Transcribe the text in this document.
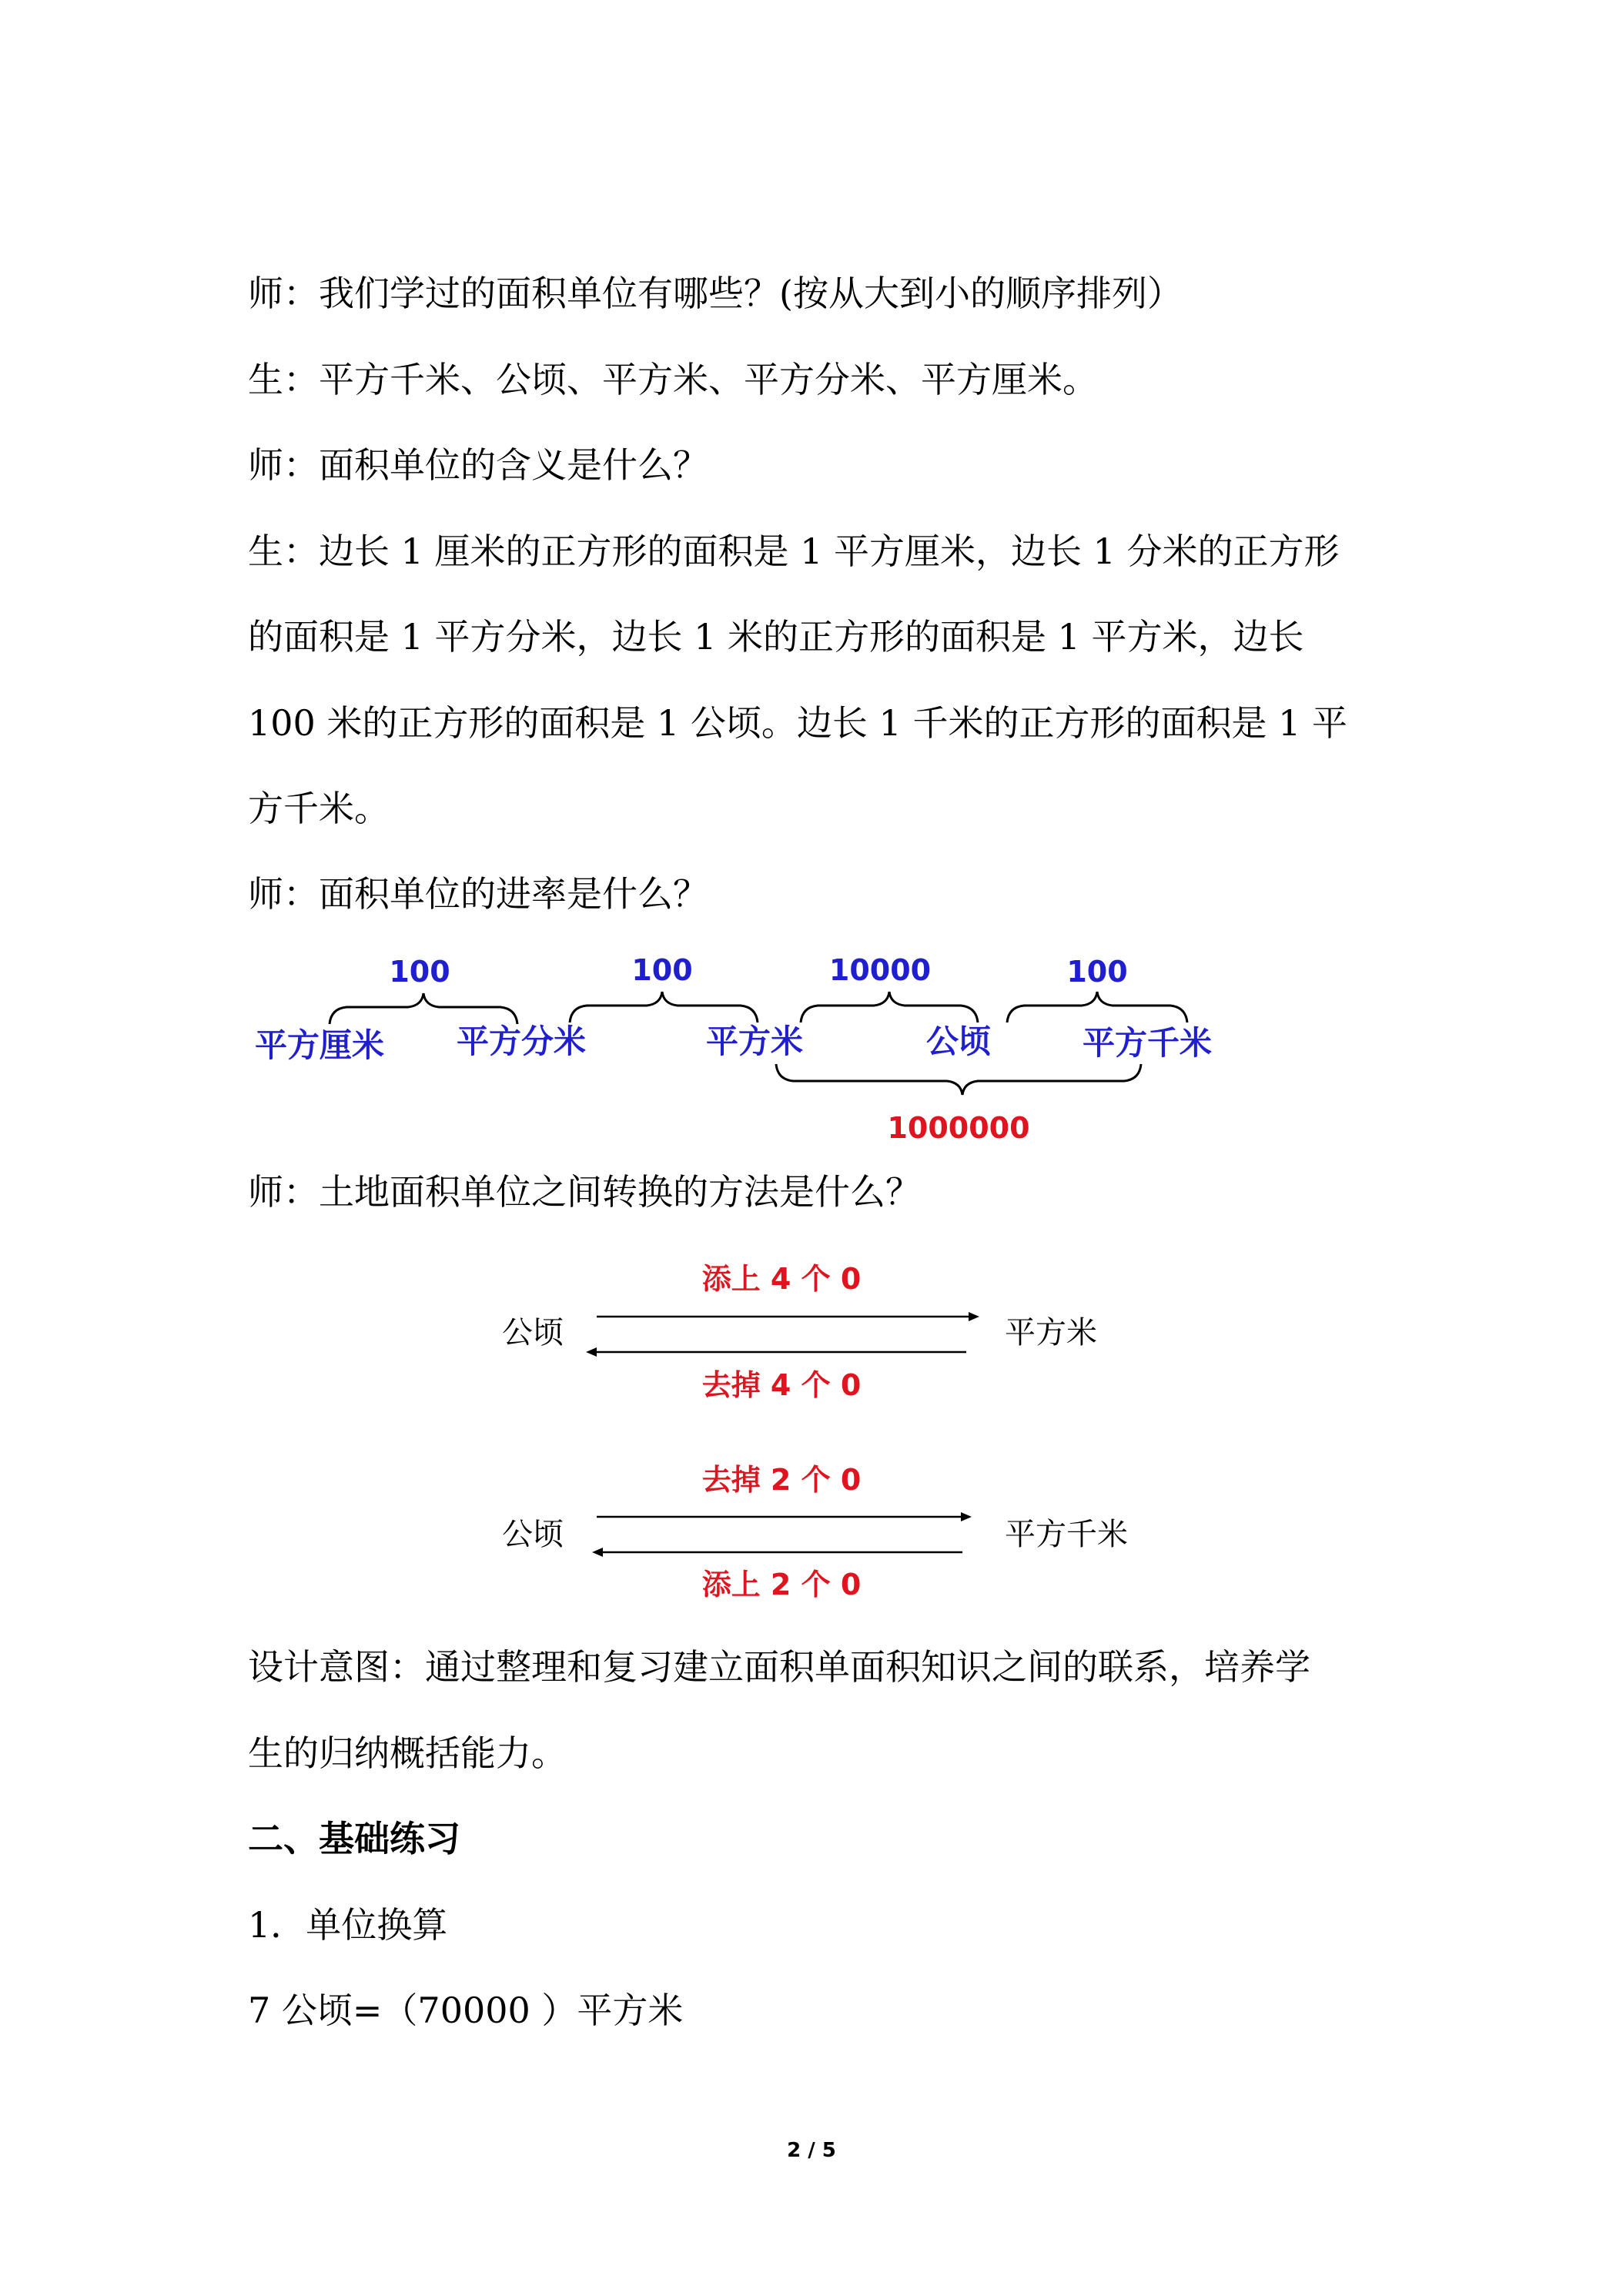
师：我们学过的面积单位有哪些？(按从大到小的顺序排列）
生：平方千米、公顷、平方米、平方分米、平方厘米。
师：面积单位的含义是什么？
生：边长 1 厘米的正方形的面积是 1 平方厘米，边长 1 分米的正方形
的面积是 1 平方分米，边长 1 米的正方形的面积是 1 平方米，边长
100 米的正方形的面积是 1 公顷。边长 1 千米的正方形的面积是 1 平
方千米。
师：面积单位的进率是什么？
100	100	10000	100
平方厘米 平方分米	平方米	公顷	平方千米
1000000
公顷	平方米
添上 4 个 0
去掉 4 个 0
公顷	平方千米
去掉 2 个 0
添上 2 个 0
师：土地面积单位之间转换的方法是什么？
设计意图：通过整理和复习建立面积单面积知识之间的联系，培养学
生的归纳概括能力。
二、基础练习
1．单位换算
7 公顷=（70000 ）平方米
2 / 5
